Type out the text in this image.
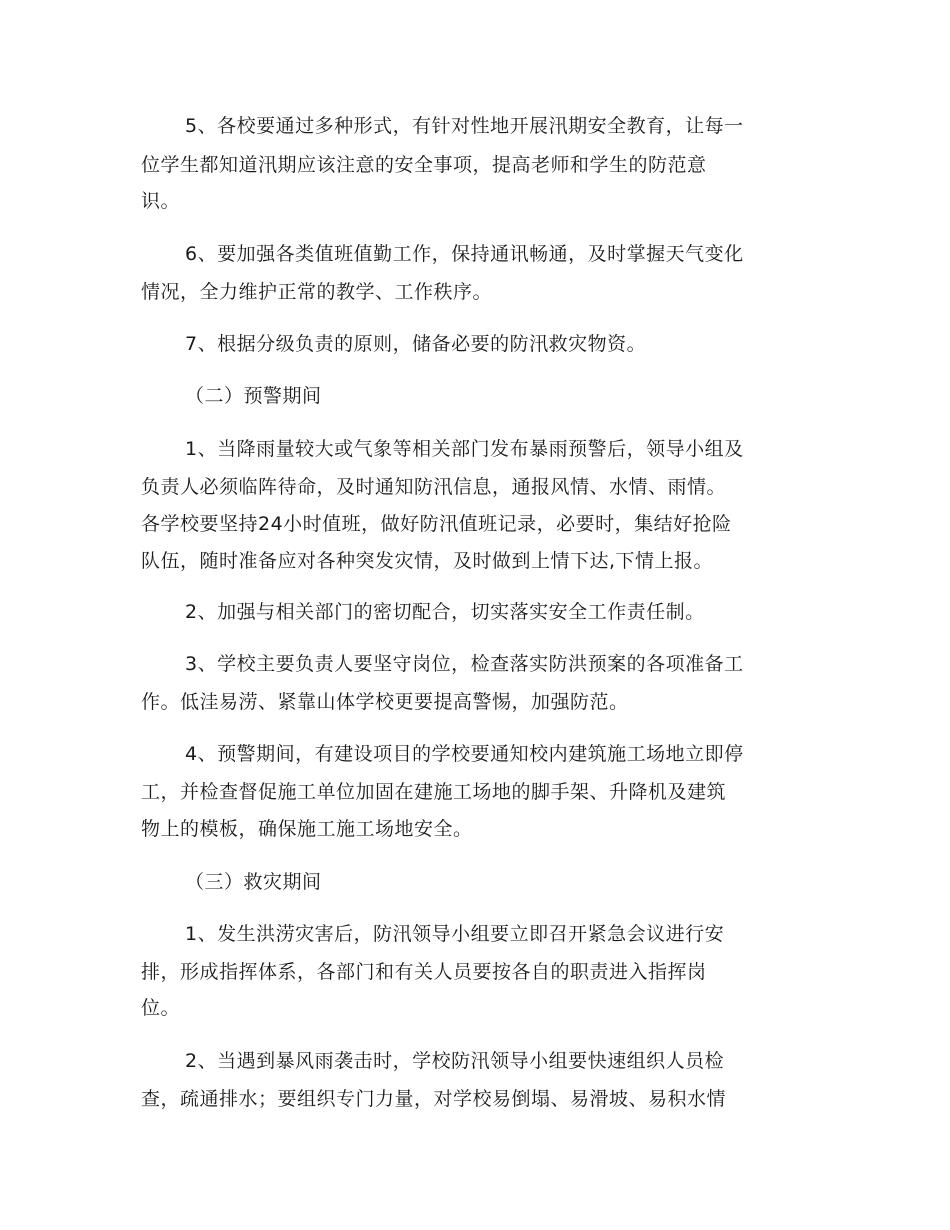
5、各校要通过多种形式，有针对性地开展汛期安全教育，让每一
位学生都知道汛期应该注意的安全事项，提高老师和学生的防范意
识。
6、要加强各类值班值勤工作，保持通讯畅通，及时掌握天气变化
情况，全力维护正常的教学、工作秩序。
7、根据分级负责的原则，储备必要的防汛救灾物资。
（二）预警期间
1、当降雨量较大或气象等相关部门发布暴雨预警后，领导小组及
负责人必须临阵待命，及时通知防汛信息，通报风情、水情、雨情。
各学校要坚持24小时值班，做好防汛值班记录，必要时，集结好抢险
队伍，随时准备应对各种突发灾情，及时做到上情下达,下情上报。
2、加强与相关部门的密切配合，切实落实安全工作责任制。
3、学校主要负责人要坚守岗位，检查落实防洪预案的各项准备工
作。低洼易涝、紧靠山体学校更要提高警惕，加强防范。
4、预警期间，有建设项目的学校要通知校内建筑施工场地立即停
工，并检查督促施工单位加固在建施工场地的脚手架、升降机及建筑
物上的模板，确保施工施工场地安全。
（三）救灾期间
1、发生洪涝灾害后，防汛领导小组要立即召开紧急会议进行安
排，形成指挥体系，各部门和有关人员要按各自的职责进入指挥岗
位。
2、当遇到暴风雨袭击时，学校防汛领导小组要快速组织人员检
查，疏通排水；要组织专门力量，对学校易倒塌、易滑坡、易积水情
